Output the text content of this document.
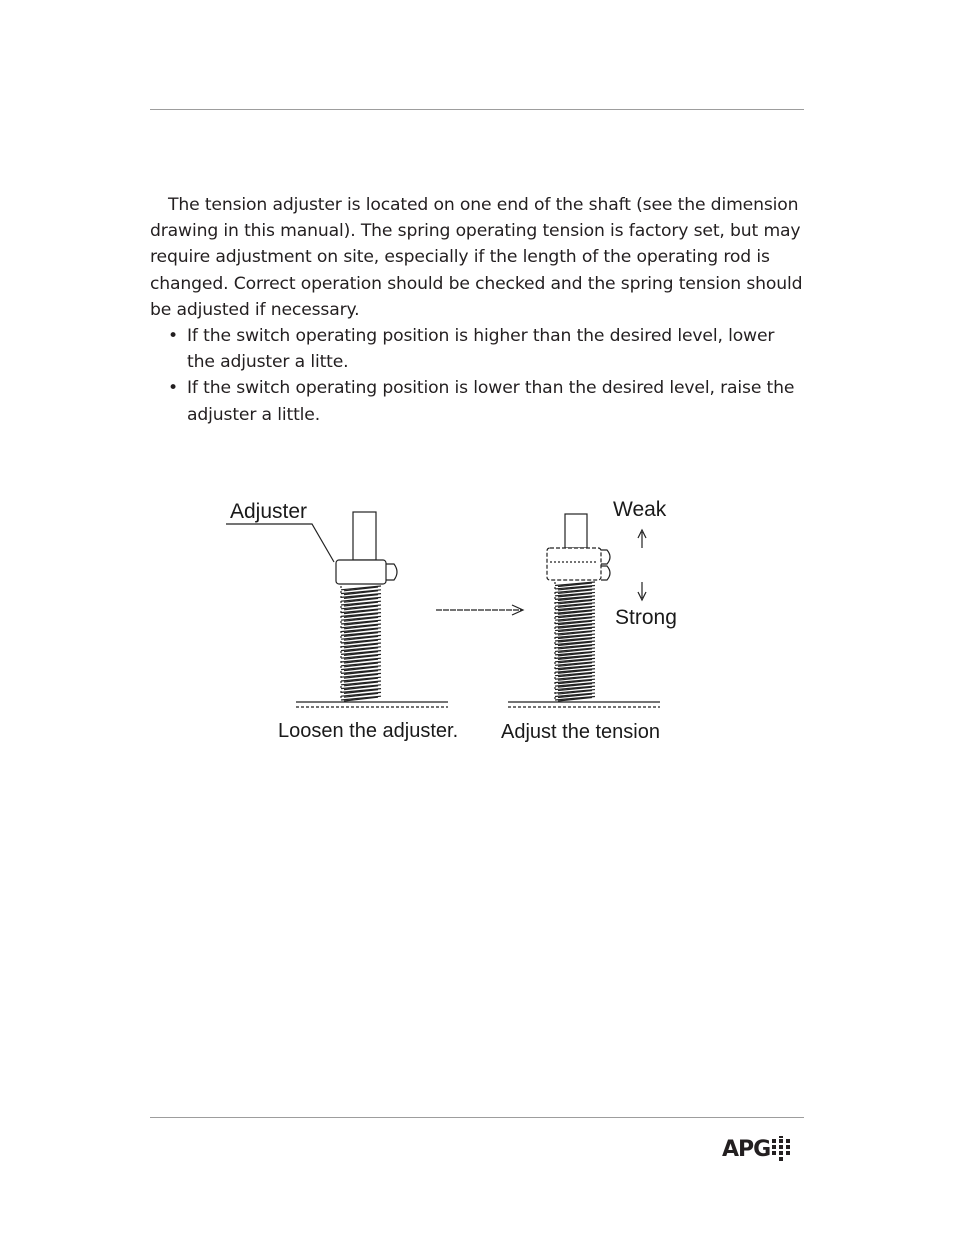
The tension adjuster is located on one end of the shaft (see the dimension drawing in this manual). The spring operating tension is factory set, but may require adjustment on site, especially if the length of the operating rod is changed. Correct operation should be checked and the spring tension should be adjusted if necessary.

• If the switch operating position is higher than the desired level, lower the adjuster a litte.
• If the switch operating position is lower than the desired level, raise the adjuster a little.
Adjuster	Weak
Strong
Loosen the adjuster. Adjust the tension
APG
